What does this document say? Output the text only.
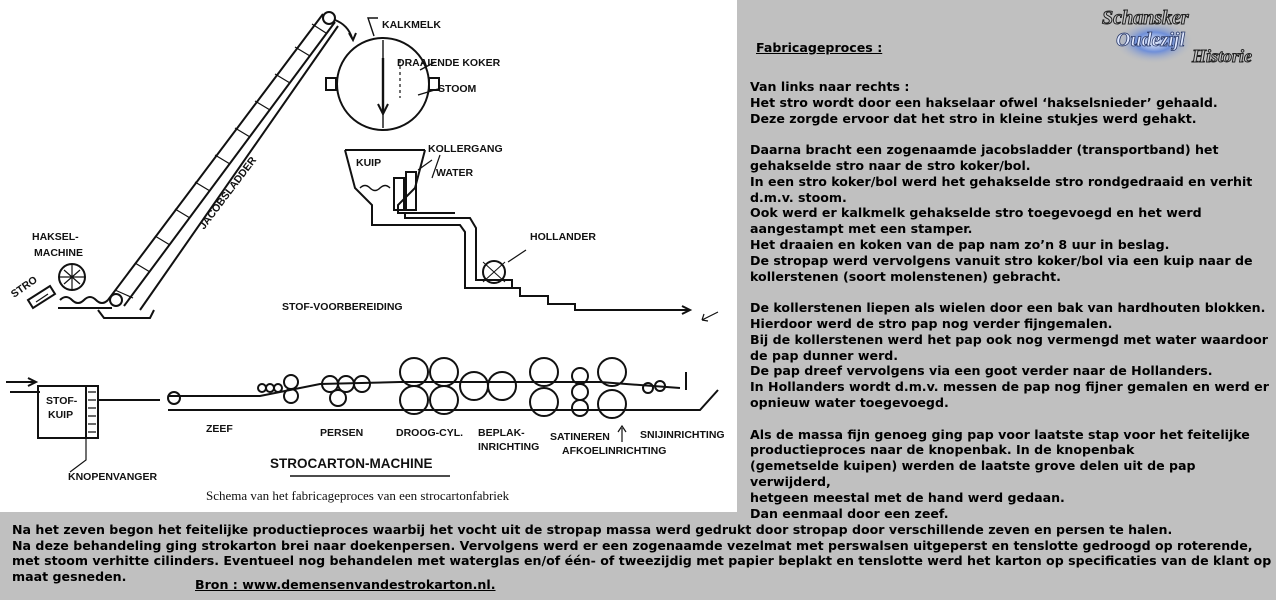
KALKMELK
DRAAIENDE KOKER
STOOM
JACOBSLADDER	KUIP
KOLLERGANG
WATER
HOLLANDER
HAKSEL-
MACHINE
STRO
STOF-VOORBEREIDING
STOF-
KUIP
ZEEF	PERSEN	DROOG-CYL. BEPLAK-
INRICHTING
SATINEREN
AFKOELINRICHTING
SNIJINRICHTING
KNOPENVANGER
STROCARTON-MACHINE
Schema van het fabricageproces van een strocartonfabriek
Schansker
Oudezijl
Historie
Fabricageproces :

Van links naar rechts :
Het stro wordt door een hakselaar ofwel ‘hakselsnieder’ gehaald.
Deze zorgde ervoor dat het stro in kleine stukjes werd gehakt.

Daarna bracht een zogenaamde jacobsladder (transportband) het
gehakselde stro naar de stro koker/bol.
In een stro koker/bol werd het gehakselde stro rondgedraaid en verhit
d.m.v. stoom.
Ook werd er kalkmelk gehakselde stro toegevoegd en het werd
aangestampt met een stamper.
Het draaien en koken van de pap nam zo’n 8 uur in beslag.
De stropap werd vervolgens vanuit stro koker/bol via een kuip naar de
kollerstenen (soort molenstenen) gebracht.

De kollerstenen liepen als wielen door een bak van hardhouten blokken.
Hierdoor werd de stro pap nog verder fijngemalen.
Bij de kollerstenen werd het pap ook nog vermengd met water waardoor
de pap dunner werd.
De pap dreef vervolgens via een goot verder naar de Hollanders.
In Hollanders wordt d.m.v. messen de pap nog fijner gemalen en werd er
opnieuw water toegevoegd.

Als de massa fijn genoeg ging pap voor laatste stap voor het feitelijke
productieproces naar de knopenbak. In de knopenbak
(gemetselde kuipen) werden de laatste grove delen uit de pap verwijderd,
hetgeen meestal met de hand werd gedaan.
Dan eenmaal door een zeef.

Na het zeven begon het feitelijke productieproces waarbij het vocht uit de stropap massa werd gedrukt door stropap door verschillende zeven en persen te halen.
Na deze behandeling ging strokarton brei naar doekenpersen. Vervolgens werd er een zogenaamde vezelmat met perswalsen uitgeperst en tenslotte gedroogd op roterende,
met stoom verhitte cilinders. Eventueel nog behandelen met waterglas en/of één- of tweezijdig met papier beplakt en tenslotte werd het karton op specificaties van de klant op
maat gesneden.
Bron : www.demensenvandestrokarton.nl.
